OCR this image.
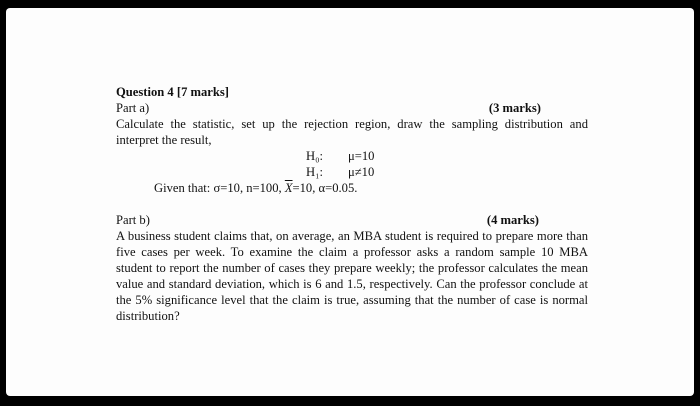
Question 4 [7 marks]
Part a)	(3 marks)
Calculate the statistic, set up the rejection region, draw the sampling distribution and interpret the result,
H₀:	μ=10
H₁:	μ≠10
Given that: σ=10, n=100, $\overline{X}=10$, α=0.05.
Part b)	(4 marks)
A business student claims that, on average, an MBA student is required to prepare more than five cases per week. To examine the claim a professor asks a random sample 10 MBA student to report the number of cases they prepare weekly; the professor calculates the mean value and standard deviation, which is 6 and 1.5, respectively. Can the professor conclude at the 5% significance level that the claim is true, assuming that the number of case is normal distribution?
